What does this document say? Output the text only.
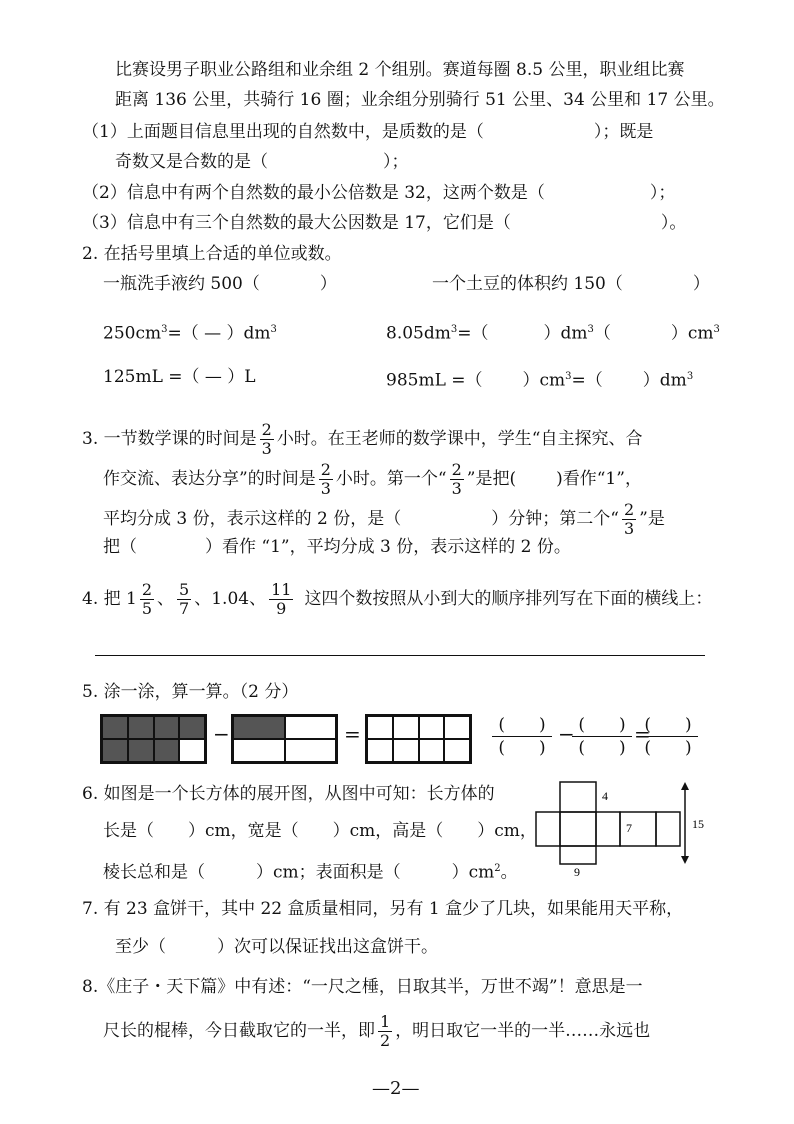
比赛设男子职业公路组和业余组 2 个组别。赛道每圈 8.5 公里，职业组比赛
距离 136 公里，共骑行 16 圈；业余组分别骑行 51 公里、34 公里和 17 公里。
（1）上面题目信息里出现的自然数中，是质数的是（	）；既是
奇数又是合数的是（	）；
（2）信息中有两个自然数的最小公倍数是 32，这两个数是（	）；
（3）信息中有三个自然数的最大公因数是 17，它们是（	）。
2. 在括号里填上合适的单位或数。
一瓶洗手液约 500（	）	一个土豆的体积约 150（	）
$250cm^3=$（ — ）$dm^3$	$8.05dm^3=$（	）$dm^3$（	）$cm^3$
125mL =（ — ）L	985mL =（ ）$cm^3=$（ ）$dm^3$
3. 一节数学课的时间是 $\frac{2}{3}$ 小时。在王老师的数学课中，学生“自主探究、合
作交流、表达分享”的时间是 $\frac{2}{3}$ 小时。第一个“ $\frac{2}{3}$ ”是把( )看作“1”，
平均分成 3 份，表示这样的 2 份，是（	）分钟；第二个“ $\frac{2}{3}$ ”是
把（　　　　）看作 “1”，平均分成 3 份，表示这样的 2 份。
4. 把 $1 \frac{2}{5}$ 、 $\frac{5}{7}$ 、1.04、 $\frac{11}{9}$ 这四个数按照从小到大的顺序排列写在下面的横线上：
5. 涂一涂，算一算。（2 分）
−	=	(　　)
(　　)
− (　　)
(　　)
=
(　　)
(　　)
6. 如图是一个长方体的展开图，从图中可知：长方体的
长是（　　）cm，宽是（　　）cm，高是（　　）cm，
棱长总和是（　　　）cm；表面积是（　　　）$cm^2$。
4
7
9
15
7. 有 23 盒饼干，其中 22 盒质量相同，另有 1 盒少了几块，如果能用天平称，
至少（　　　）次可以保证找出这盒饼干。
8.《庄子・天下篇》中有述：“一尺之棰，日取其半，万世不竭”！意思是一
尺长的棍棒，今日截取它的一半，即 $\frac{1}{2}$ ，明日取它一半的一半……永远也
—2—
